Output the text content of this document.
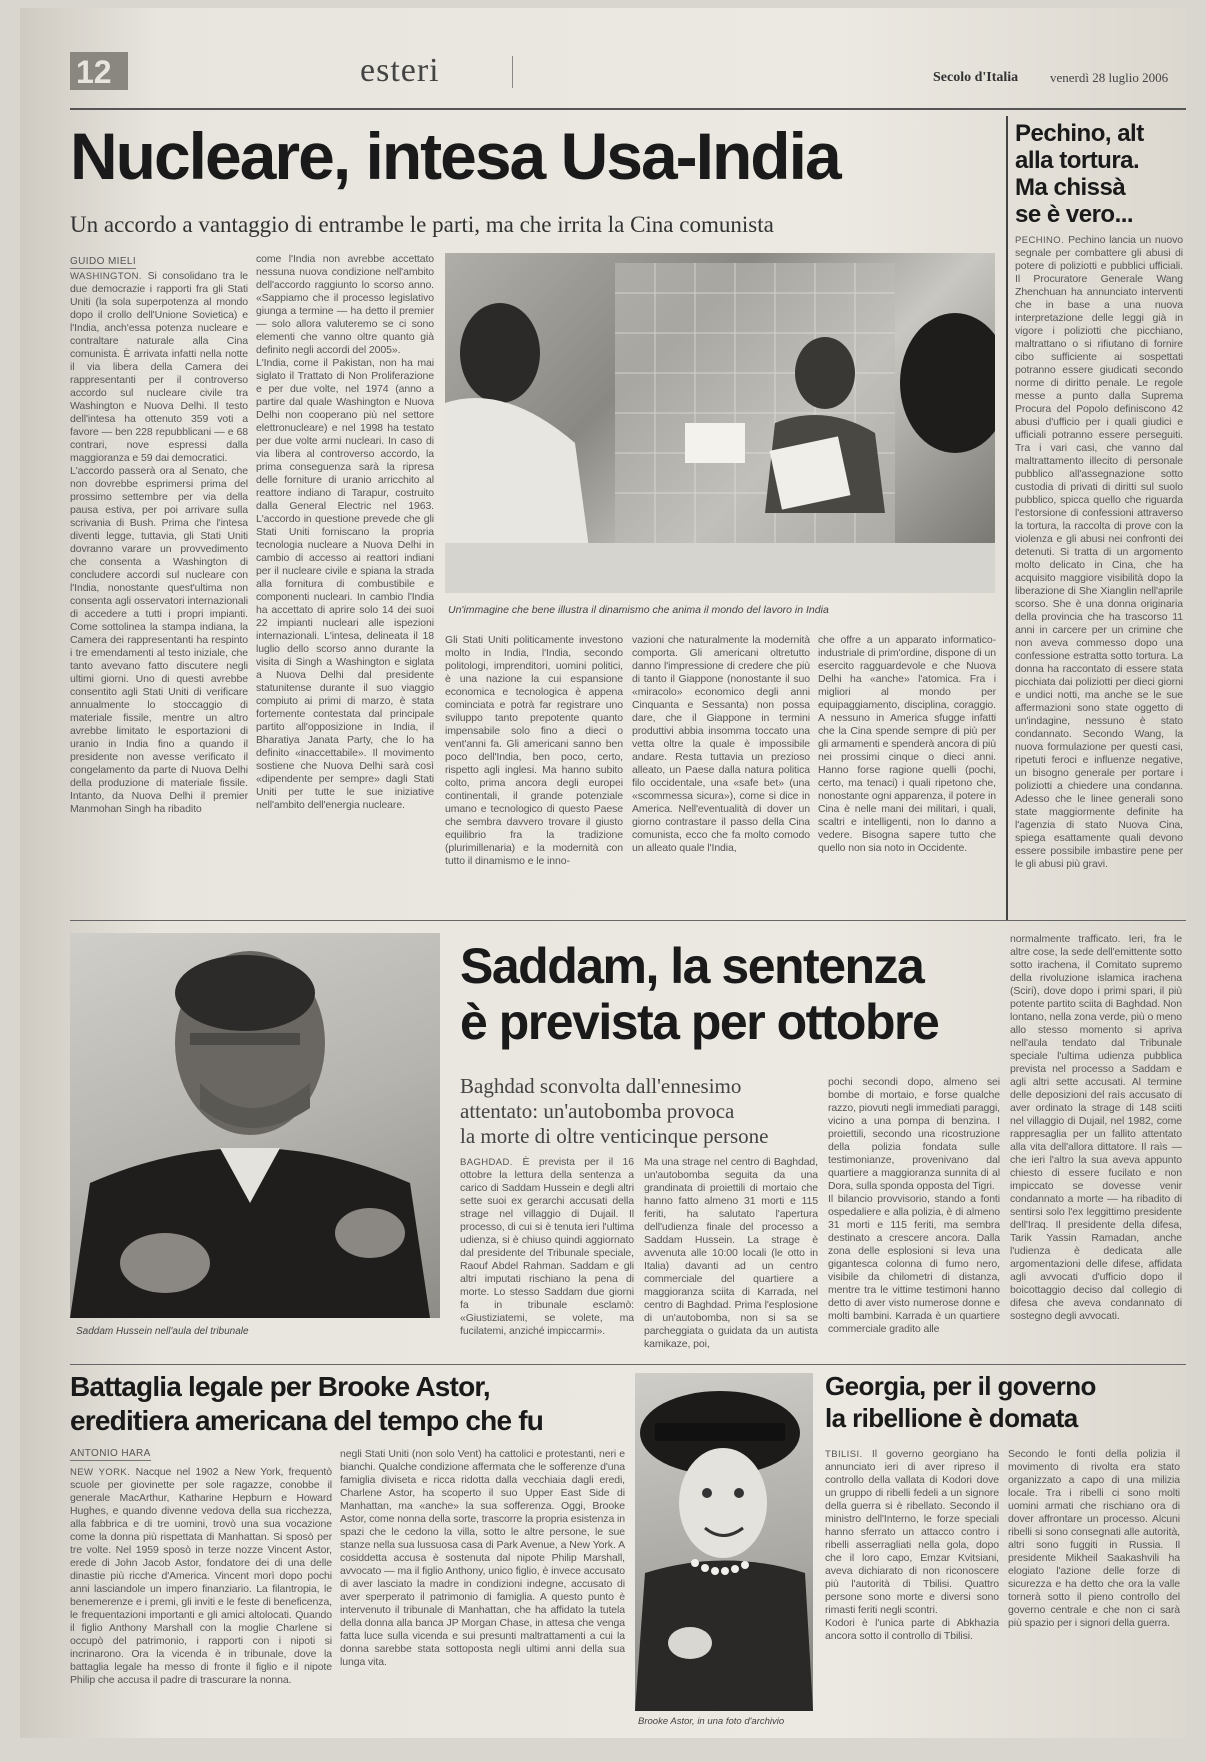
12	esteri	Secolo d'Italia venerdì 28 luglio 2006
Nucleare, intesa Usa-India
Un accordo a vantaggio di entrambe le parti, ma che irrita la Cina comunista
GUIDO MIELI
Un'immagine che bene illustra il dinamismo che anima il mondo del lavoro in India
WASHINGTON. Si consolidano tra le due democrazie i rapporti fra gli Stati Uniti (la sola superpotenza al mondo dopo il crollo dell'Unione Sovietica) e l'India, anch'essa potenza nucleare e contraltare naturale alla Cina comunista. È arrivata infatti nella notte il via libera della Camera dei rappresentanti per il controverso accordo sul nucleare civile tra Washington e Nuova Delhi. Il testo dell'intesa ha ottenuto 359 voti a favore — ben 228 repubblicani — e 68 contrari, nove espressi dalla maggioranza e 59 dai democratici.
L'accordo passerà ora al Senato, che non dovrebbe esprimersi prima del prossimo settembre per via della pausa estiva, per poi arrivare sulla scrivania di Bush. Prima che l'intesa diventi legge, tuttavia, gli Stati Uniti dovranno varare un provvedimento che consenta a Washington di concludere accordi sul nucleare con l'India, nonostante quest'ultima non consenta agli osservatori internazionali di accedere a tutti i propri impianti. Come sottolinea la stampa indiana, la Camera dei rappresentanti ha respinto i tre emendamenti al testo iniziale, che tanto avevano fatto discutere negli ultimi giorni. Uno di questi avrebbe consentito agli Stati Uniti di verificare annualmente lo stoccaggio di materiale fissile, mentre un altro avrebbe limitato le esportazioni di uranio in India fino a quando il presidente non avesse verificato il congelamento da parte di Nuova Delhi della produzione di materiale fissile. Intanto, da Nuova Delhi il premier Manmohan Singh ha ribadito
come l'India non avrebbe accettato nessuna nuova condizione nell'ambito dell'accordo raggiunto lo scorso anno. «Sappiamo che il processo legislativo giunga a termine — ha detto il premier — solo allora valuteremo se ci sono elementi che vanno oltre quanto già definito negli accordi del 2005».
L'India, come il Pakistan, non ha mai siglato il Trattato di Non Proliferazione e per due volte, nel 1974 (anno a partire dal quale Washington e Nuova Delhi non cooperano più nel settore elettronucleare) e nel 1998 ha testato per due volte armi nucleari. In caso di via libera al controverso accordo, la prima conseguenza sarà la ripresa delle forniture di uranio arricchito al reattore indiano di Tarapur, costruito dalla General Electric nel 1963. L'accordo in questione prevede che gli Stati Uniti forniscano la propria tecnologia nucleare a Nuova Delhi in cambio di accesso ai reattori indiani per il nucleare civile e spiana la strada alla fornitura di combustibile e componenti nucleari. In cambio l'India ha accettato di aprire solo 14 dei suoi 22 impianti nucleari alle ispezioni internazionali. L'intesa, delineata il 18 luglio dello scorso anno durante la visita di Singh a Washington e siglata a Nuova Delhi dal presidente statunitense durante il suo viaggio compiuto ai primi di marzo, è stata fortemente contestata dal principale partito all'opposizione in India, il Bharatiya Janata Party, che lo ha definito «inaccettabile». Il movimento sostiene che Nuova Delhi sarà così «dipendente per sempre» dagli Stati Uniti per tutte le sue iniziative nell'ambito dell'energia nucleare.
Gli Stati Uniti politicamente investono molto in India, l'India, secondo politologi, imprenditori, uomini politici, è una nazione la cui espansione economica e tecnologica è appena cominciata e potrà far registrare uno sviluppo tanto prepotente quanto impensabile solo fino a dieci o vent'anni fa. Gli americani sanno ben poco dell'India, ben poco, certo, rispetto agli inglesi. Ma hanno subito colto, prima ancora degli europei continentali, il grande potenziale umano e tecnologico di questo Paese che sembra davvero trovare il giusto equilibrio fra la tradizione (plurimillenaria) e la modernità con tutto il dinamismo e le inno-
vazioni che naturalmente la modernità comporta. Gli americani oltretutto danno l'impressione di credere che più di tanto il Giappone (nonostante il suo «miracolo» economico degli anni Cinquanta e Sessanta) non possa dare, che il Giappone in termini produttivi abbia insomma toccato una vetta oltre la quale è impossibile andare. Resta tuttavia un prezioso alleato, un Paese dalla natura politica filo occidentale, una «safe bet» (una «scommessa sicura»), come si dice in America. Nell'eventualità di dover un giorno contrastare il passo della Cina comunista, ecco che fa molto comodo un alleato quale l'India,
che offre a un apparato informatico-industriale di prim'ordine, dispone di un esercito ragguardevole e che Nuova Delhi ha «anche» l'atomica. Fra i migliori al mondo per equipaggiamento, disciplina, coraggio. A nessuno in America sfugge infatti che la Cina spende sempre di più per gli armamenti e spenderà ancora di più nei prossimi cinque o dieci anni. Hanno forse ragione quelli (pochi, certo, ma tenaci) i quali ripetono che, nonostante ogni apparenza, il potere in Cina è nelle mani dei militari, i quali, scaltri e intelligenti, non lo danno a vedere. Bisogna sapere tutto che quello non sia noto in Occidente.
Pechino, alt
alla tortura.
Ma chissà
se è vero...
PECHINO. Pechino lancia un nuovo segnale per combattere gli abusi di potere di poliziotti e pubblici ufficiali. Il Procuratore Generale Wang Zhenchuan ha annunciato interventi che in base a una nuova interpretazione delle leggi già in vigore i poliziotti che picchiano, maltrattano o si rifiutano di fornire cibo sufficiente ai sospettati potranno essere giudicati secondo norme di diritto penale. Le regole messe a punto dalla Suprema Procura del Popolo definiscono 42 abusi d'ufficio per i quali giudici e ufficiali potranno essere perseguiti. Tra i vari casi, che vanno dal maltrattamento illecito di personale pubblico all'assegnazione sotto custodia di privati di diritti sul suolo pubblico, spicca quello che riguarda l'estorsione di confessioni attraverso la tortura, la raccolta di prove con la violenza e gli abusi nei confronti dei detenuti. Si tratta di un argomento molto delicato in Cina, che ha acquisito maggiore visibilità dopo la liberazione di She Xianglin nell'aprile scorso. She è una donna originaria della provincia che ha trascorso 11 anni in carcere per un crimine che non aveva commesso dopo una confessione estratta sotto tortura. La donna ha raccontato di essere stata picchiata dai poliziotti per dieci giorni e undici notti, ma anche se le sue affermazioni sono state oggetto di un'indagine, nessuno è stato condannato. Secondo Wang, la nuova formulazione per questi casi, ripetuti feroci e influenze negative, un bisogno generale per portare i poliziotti a chiedere una condanna. Adesso che le linee generali sono state maggiormente definite ha l'agenzia di stato Nuova Cina, spiega esattamente quali devono essere possibile imbastire pene per le gli abusi più gravi.
Saddam Hussein nell'aula del tribunale
Saddam, la sentenza
è prevista per ottobre
Baghdad sconvolta dall'ennesimo
attentato: un'autobomba provoca
la morte di oltre venticinque persone
BAGHDAD. È prevista per il 16 ottobre la lettura della sentenza a carico di Saddam Hussein e degli altri sette suoi ex gerarchi accusati della strage nel villaggio di Dujail. Il processo, di cui si è tenuta ieri l'ultima udienza, si è chiuso quindi aggiornato dal presidente del Tribunale speciale, Raouf Abdel Rahman. Saddam e gli altri imputati rischiano la pena di morte. Lo stesso Saddam due giorni fa in tribunale esclamò: «Giustiziatemi, se volete, ma fucilatemi, anziché impiccarmi».
Ma una strage nel centro di Baghdad, un'autobomba seguita da una grandinata di proiettili di mortaio che hanno fatto almeno 31 morti e 115 feriti, ha salutato l'apertura dell'udienza finale del processo a Saddam Hussein. La strage è avvenuta alle 10:00 locali (le otto in Italia) davanti ad un centro commerciale del quartiere a maggioranza sciita di Karrada, nel centro di Baghdad. Prima l'esplosione di un'autobomba, non si sa se parcheggiata o guidata da un autista kamikaze, poi,
pochi secondi dopo, almeno sei bombe di mortaio, e forse qualche razzo, piovuti negli immediati paraggi, vicino a una pompa di benzina. I proiettili, secondo una ricostruzione della polizia fondata sulle testimonianze, provenivano dal quartiere a maggioranza sunnita di al Dora, sulla sponda opposta del Tigri.
Il bilancio provvisorio, stando a fonti ospedaliere e alla polizia, è di almeno 31 morti e 115 feriti, ma sembra destinato a crescere ancora. Dalla zona delle esplosioni si leva una gigantesca colonna di fumo nero, visibile da chilometri di distanza, mentre tra le vittime testimoni hanno detto di aver visto numerose donne e molti bambini. Karrada è un quartiere commerciale gradito alle
normalmente trafficato. Ieri, fra le altre cose, la sede dell'emittente sotto sotto irachena, il Comitato supremo della rivoluzione islamica irachena (Sciri), dove dopo i primi spari, il più potente partito sciita di Baghdad. Non lontano, nella zona verde, più o meno allo stesso momento si apriva nell'aula tendato dal Tribunale speciale l'ultima udienza pubblica prevista nel processo a Saddam e agli altri sette accusati. Al termine delle deposizioni del raìs accusato di aver ordinato la strage di 148 sciiti nel villaggio di Dujail, nel 1982, come rappresaglia per un fallito attentato alla vita dell'allora dittatore. Il raìs — che ieri l'altro la sua aveva appunto chiesto di essere fucilato e non impiccato se dovesse venir condannato a morte — ha ribadito di sentirsi solo l'ex leggittimo presidente dell'Iraq. Il presidente della difesa, Tarik Yassin Ramadan, anche l'udienza è dedicata alle argomentazioni delle difese, affidata agli avvocati d'ufficio dopo il boicottaggio deciso dal collegio di difesa che aveva condannato di sostegno degli avvocati.
Battaglia legale per Brooke Astor,
ereditiera americana del tempo che fu
ANTONIO HARA
NEW YORK. Nacque nel 1902 a New York, frequentò scuole per giovinette per sole ragazze, conobbe il generale MacArthur, Katharine Hepburn e Howard Hughes, e quando divenne vedova della sua ricchezza, alla fabbrica e di tre uomini, trovò una sua vocazione come la donna più rispettata di Manhattan. Si sposò per tre volte. Nel 1959 sposò in terze nozze Vincent Astor, erede di John Jacob Astor, fondatore dei di una delle dinastie più ricche d'America. Vincent morì dopo pochi anni lasciandole un impero finanziario. La filantropia, le benemerenze e i premi, gli inviti e le feste di beneficenza, le frequentazioni importanti e gli amici altolocati. Quando il figlio Anthony Marshall con la moglie Charlene si occupò del patrimonio, i rapporti con i nipoti si incrinarono. Ora la vicenda è in tribunale, dove la battaglia legale ha messo di fronte il figlio e il nipote Philip che accusa il padre di trascurare la nonna.
negli Stati Uniti (non solo Vent) ha cattolici e protestanti, neri e bianchi. Qualche condizione affermata che le sofferenze d'una famiglia diviseta e ricca ridotta dalla vecchiaia dagli eredi, Charlene Astor, ha scoperto il suo Upper East Side di Manhattan, ma «anche» la sua sofferenza. Oggi, Brooke Astor, come nonna della sorte, trascorre la propria esistenza in spazi che le cedono la villa, sotto le altre persone, le sue stanze nella sua lussuosa casa di Park Avenue, a New York. A cosiddetta accusa è sostenuta dal nipote Philip Marshall, avvocato — ma il figlio Anthony, unico figlio, è invece accusato di aver lasciato la madre in condizioni indegne, accusato di aver sperperato il patrimonio di famiglia. A questo punto è intervenuto il tribunale di Manhattan, che ha affidato la tutela della donna alla banca JP Morgan Chase, in attesa che venga fatta luce sulla vicenda e sui presunti maltrattamenti a cui la donna sarebbe stata sottoposta negli ultimi anni della sua lunga vita.
Brooke Astor, in una foto d'archivio
Georgia, per il governo
la ribellione è domata
TBILISI. Il governo georgiano ha annunciato ieri di aver ripreso il controllo della vallata di Kodori dove un gruppo di ribelli fedeli a un signore della guerra si è ribellato. Secondo il ministro dell'Interno, le forze speciali hanno sferrato un attacco contro i ribelli asserragliati nella gola, dopo che il loro capo, Emzar Kvitsiani, aveva dichiarato di non riconoscere più l'autorità di Tbilisi. Quattro persone sono morte e diversi sono rimasti feriti negli scontri.
Kodori è l'unica parte di Abkhazia ancora sotto il controllo di Tbilisi.
Secondo le fonti della polizia il movimento di rivolta era stato organizzato a capo di una milizia locale. Tra i ribelli ci sono molti uomini armati che rischiano ora di dover affrontare un processo. Alcuni ribelli si sono consegnati alle autorità, altri sono fuggiti in Russia. Il presidente Mikheil Saakashvili ha elogiato l'azione delle forze di sicurezza e ha detto che ora la valle tornerà sotto il pieno controllo del governo centrale e che non ci sarà più spazio per i signori della guerra.
